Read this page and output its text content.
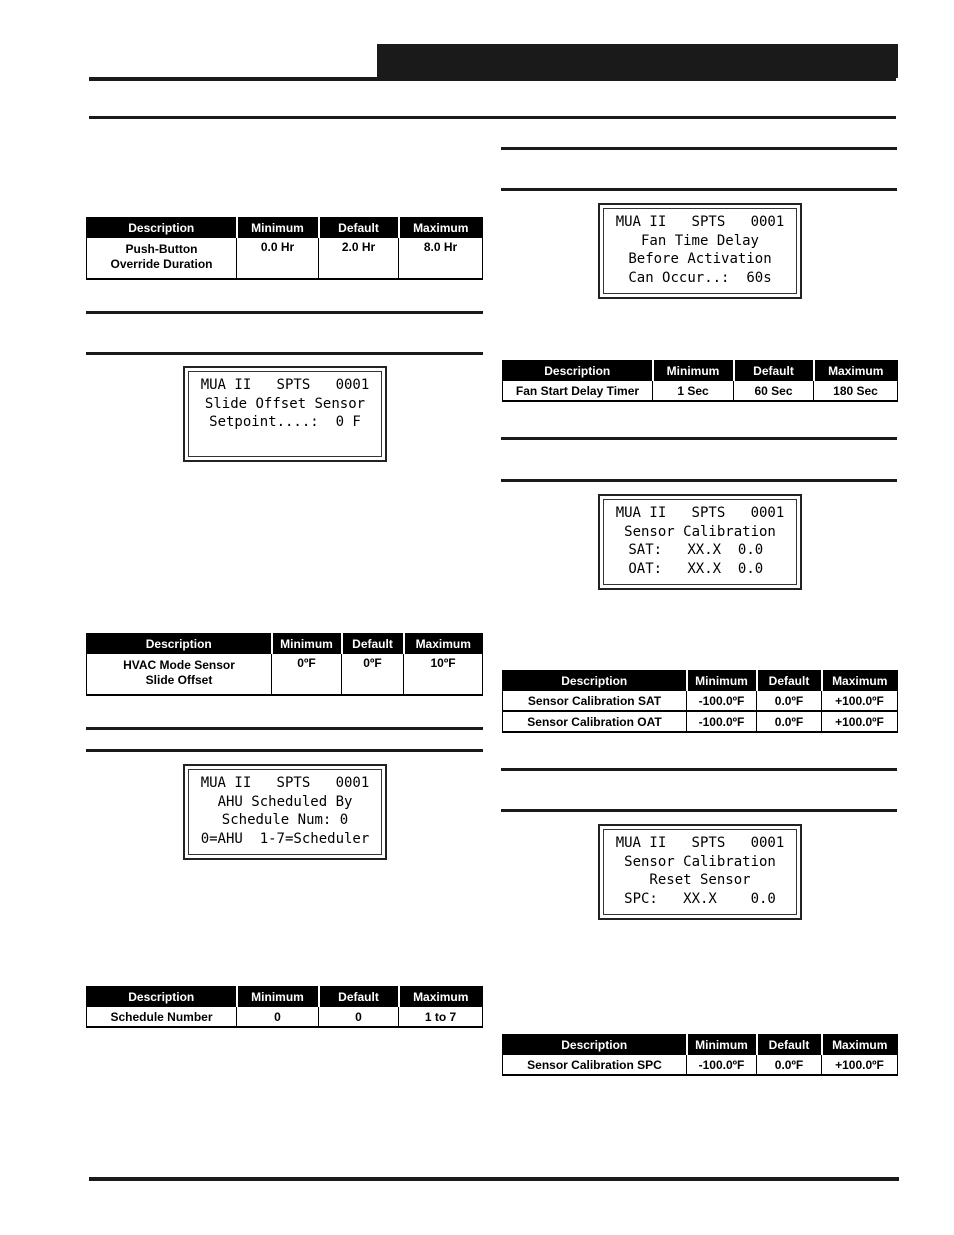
Description	Minimum	Default	Maximum
Push-Button
Override Duration	0.0 Hr	2.0 Hr	8.0 Hr
MUA II   SPTS   0001
Slide Offset Sensor
Setpoint....:  0 F
Description	Minimum	Default	Maximum
HVAC Mode Sensor
Slide Offset	0ºF	0ºF	10ºF
MUA II   SPTS   0001
AHU Scheduled By
Schedule Num: 0
0=AHU  1-7=Scheduler
Description	Minimum	Default	Maximum
Schedule Number	0	0	1 to 7
MUA II   SPTS   0001
Fan Time Delay
Before Activation
Can Occur..:  60s
Description	Minimum	Default	Maximum
Fan Start Delay Timer	1 Sec	60 Sec	180 Sec
MUA II   SPTS   0001
Sensor Calibration
SAT:   XX.X  0.0
OAT:   XX.X  0.0
Description	Minimum	Default	Maximum
Sensor Calibration SAT	-100.0ºF	0.0ºF	+100.0ºF
Sensor Calibration OAT	-100.0ºF	0.0ºF	+100.0ºF
MUA II   SPTS   0001
Sensor Calibration
Reset Sensor
SPC:   XX.X    0.0
Description	Minimum	Default	Maximum
Sensor Calibration SPC	-100.0ºF	0.0ºF	+100.0ºF
